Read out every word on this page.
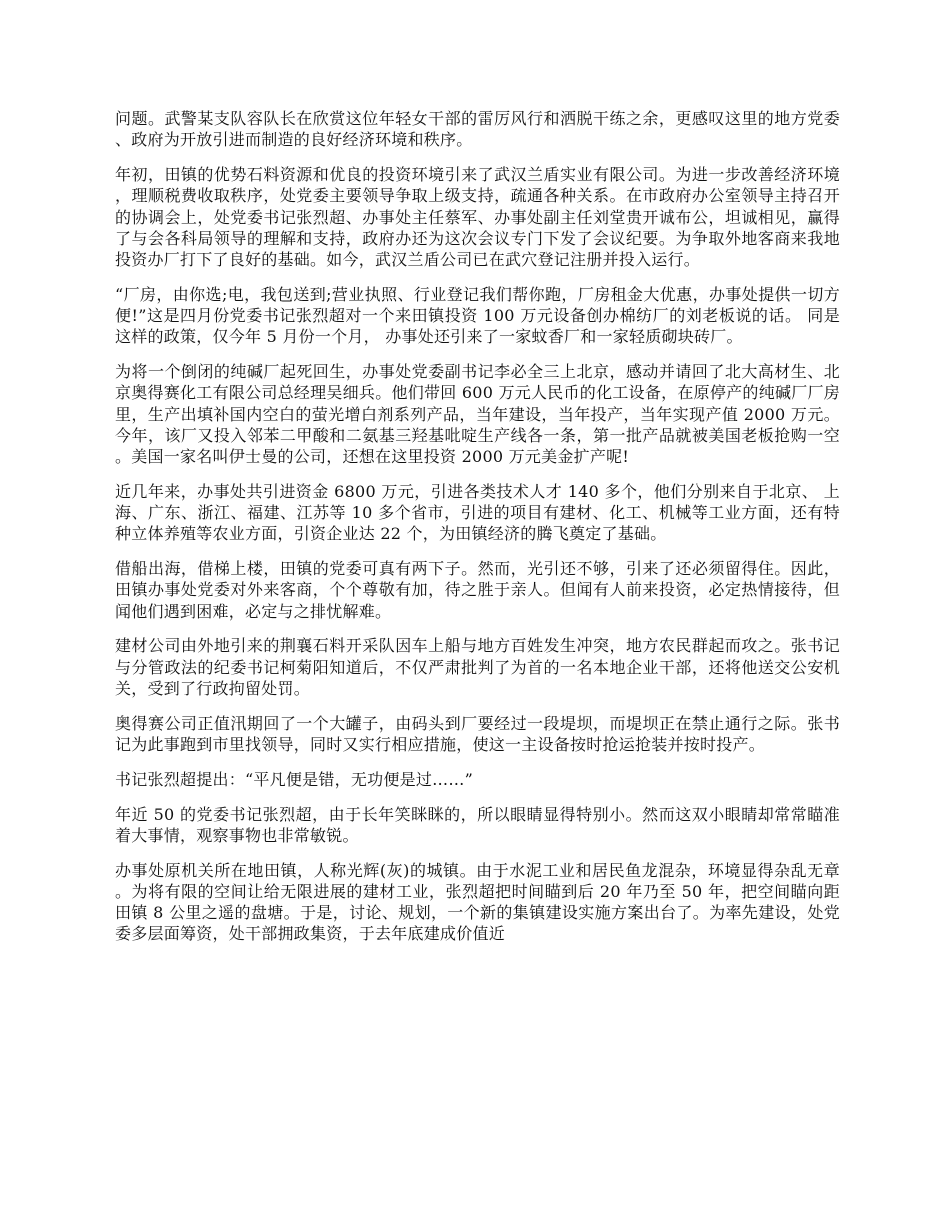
问题。武警某支队容队长在欣赏这位年轻女干部的雷厉风行和洒脱干练之余，更感叹这里的地方党委、政府为开放引进而制造的良好经济环境和秩序。

年初，田镇的优势石料资源和优良的投资环境引来了武汉兰盾实业有限公司。为进一步改善经济环境，理顺税费收取秩序，处党委主要领导争取上级支持，疏通各种关系。在市政府办公室领导主持召开的协调会上，处党委书记张烈超、办事处主任蔡军、办事处副主任刘堂贵开诚布公，坦诚相见，赢得了与会各科局领导的理解和支持，政府办还为这次会议专门下发了会议纪要。为争取外地客商来我地投资办厂打下了良好的基础。如今，武汉兰盾公司已在武穴登记注册并投入运行。

“厂房，由你选;电，我包送到;营业执照、行业登记我们帮你跑，厂房租金大优惠，办事处提供一切方便!”这是四月份党委书记张烈超对一个来田镇投资 100 万元设备创办棉纺厂的刘老板说的话。 同是这样的政策，仅今年 5 月份一个月， 办事处还引来了一家蚊香厂和一家轻质砌块砖厂。

为将一个倒闭的纯碱厂起死回生，办事处党委副书记李必全三上北京，感动并请回了北大高材生、北京奥得赛化工有限公司总经理吴细兵。他们带回 600 万元人民币的化工设备，在原停产的纯碱厂厂房里，生产出填补国内空白的萤光增白剂系列产品，当年建设，当年投产，当年实现产值 2000 万元。今年，该厂又投入邻苯二甲酸和二氨基三羟基吡啶生产线各一条，第一批产品就被美国老板抢购一空。美国一家名叫伊士曼的公司，还想在这里投资 2000 万元美金扩产呢!

近几年来，办事处共引进资金 6800 万元，引进各类技术人才 140 多个，他们分别来自于北京、 上海、广东、浙江、福建、江苏等 10 多个省市，引进的项目有建材、化工、机械等工业方面，还有特种立体养殖等农业方面，引资企业达 22 个，为田镇经济的腾飞奠定了基础。

借船出海，借梯上楼，田镇的党委可真有两下子。然而，光引还不够，引来了还必须留得住。因此，田镇办事处党委对外来客商，个个尊敬有加，待之胜于亲人。但闻有人前来投资，必定热情接待，但闻他们遇到困难，必定与之排忧解难。

建材公司由外地引来的荆襄石料开采队因车上船与地方百姓发生冲突，地方农民群起而攻之。张书记与分管政法的纪委书记柯菊阳知道后，不仅严肃批判了为首的一名本地企业干部，还将他送交公安机关，受到了行政拘留处罚。

奥得赛公司正值汛期回了一个大罐子，由码头到厂要经过一段堤坝，而堤坝正在禁止通行之际。张书记为此事跑到市里找领导，同时又实行相应措施，使这一主设备按时抢运抢装并按时投产。

书记张烈超提出：“平凡便是错，无功便是过……”

年近 50 的党委书记张烈超，由于长年笑眯眯的，所以眼睛显得特别小。然而这双小眼睛却常常瞄准着大事情，观察事物也非常敏锐。

办事处原机关所在地田镇，人称光辉(灰)的城镇。由于水泥工业和居民鱼龙混杂，环境显得杂乱无章。为将有限的空间让给无限进展的建材工业，张烈超把时间瞄到后 20 年乃至 50 年，把空间瞄向距田镇 8 公里之遥的盘塘。于是，讨论、规划，一个新的集镇建设实施方案出台了。为率先建设，处党委多层面筹资，处干部拥政集资，于去年底建成价值近
